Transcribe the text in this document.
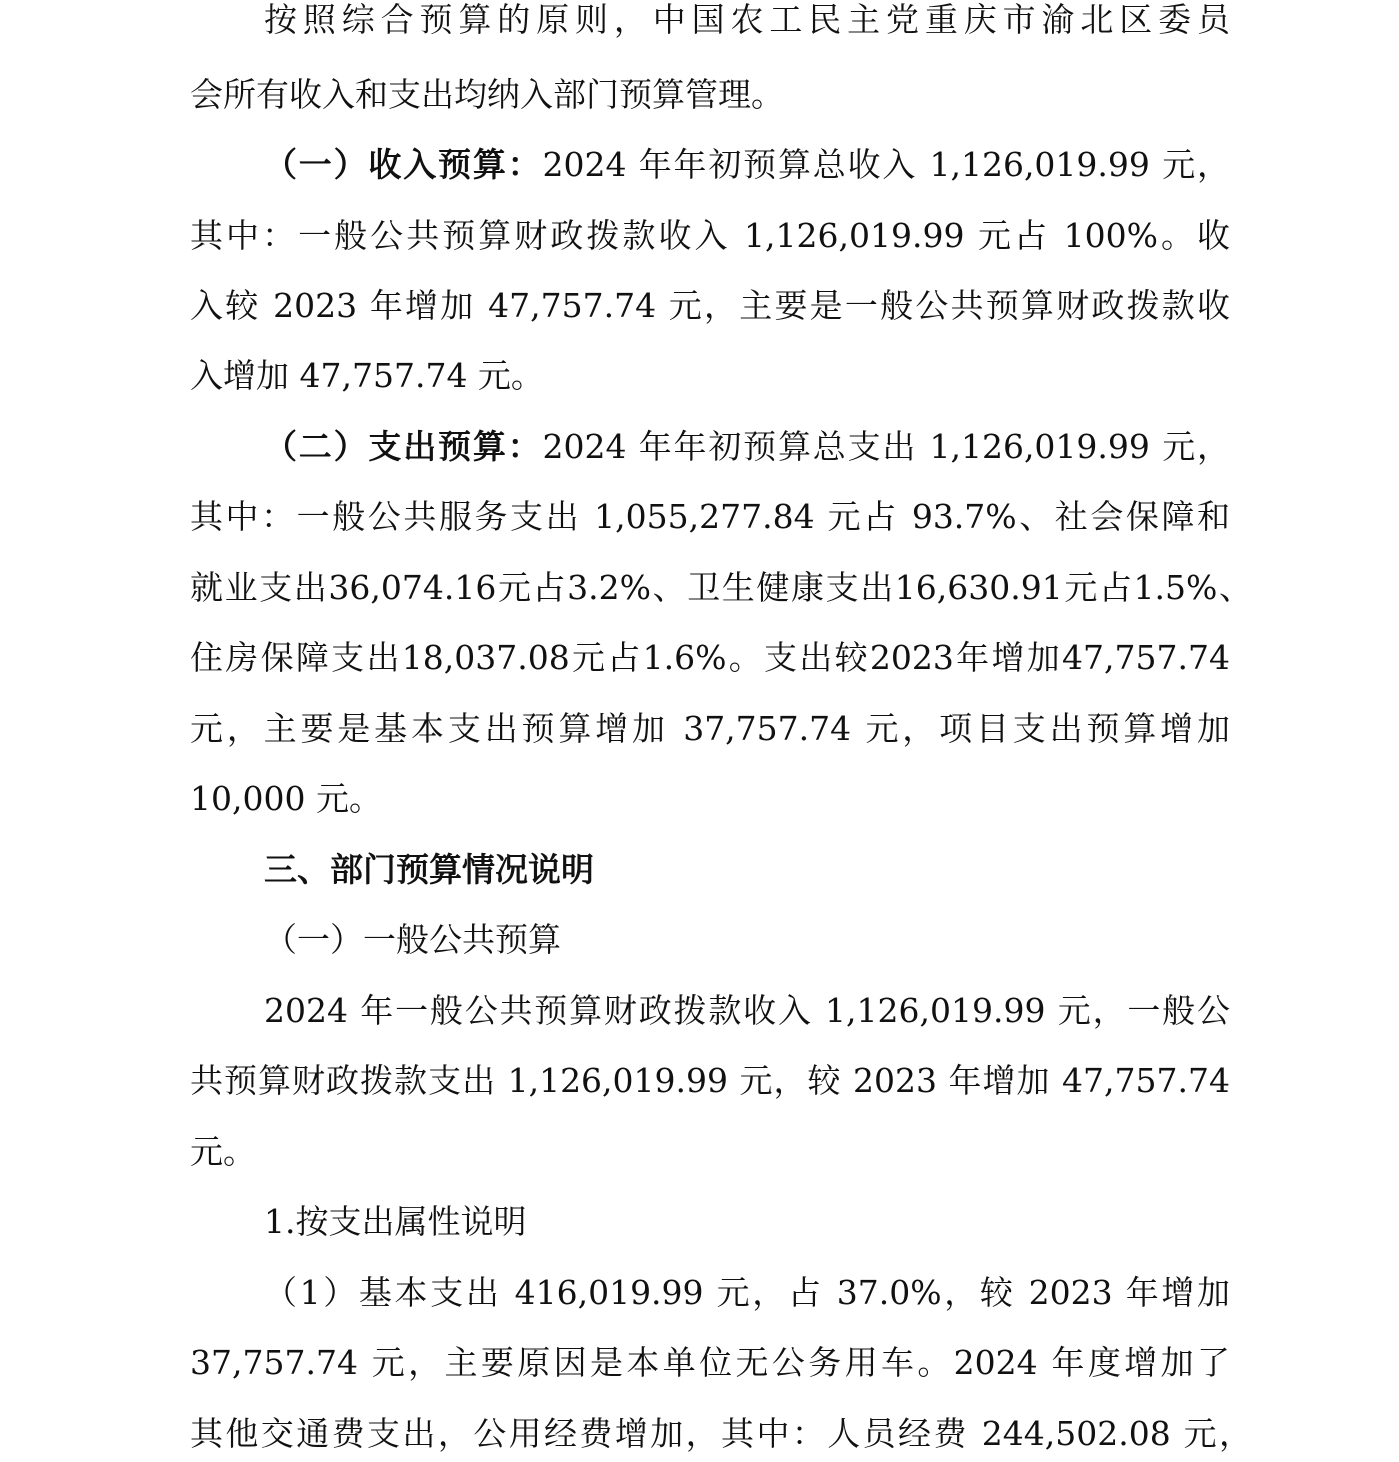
按照综合预算的原则，中国农工民主党重庆市渝北区委员

会所有收入和支出均纳入部门预算管理。

（一）收入预算：2024 年年初预算总收入 1,126,019.99 元，

其中：一般公共预算财政拨款收入 1,126,019.99 元占 100%。收

入较 2023 年增加 47,757.74 元，主要是一般公共预算财政拨款收

入增加 47,757.74 元。

（二）支出预算：2024 年年初预算总支出 1,126,019.99 元，

其中：一般公共服务支出 1,055,277.84 元占 93.7%、社会保障和

就业支出36,074.16元占3.2%、卫生健康支出16,630.91元占1.5%、

住房保障支出18,037.08元占1.6%。支出较2023年增加47,757.74

元，主要是基本支出预算增加 37,757.74 元，项目支出预算增加

10,000 元。

三、部门预算情况说明

（一）一般公共预算

2024 年一般公共预算财政拨款收入 1,126,019.99 元，一般公

共预算财政拨款支出 1,126,019.99 元，较 2023 年增加 47,757.74

元。

1.按支出属性说明

（1）基本支出 416,019.99 元，占 37.0%，较 2023 年增加

37,757.74 元，主要原因是本单位无公务用车。2024 年度增加了

其他交通费支出，公用经费增加，其中：人员经费 244,502.08 元，
